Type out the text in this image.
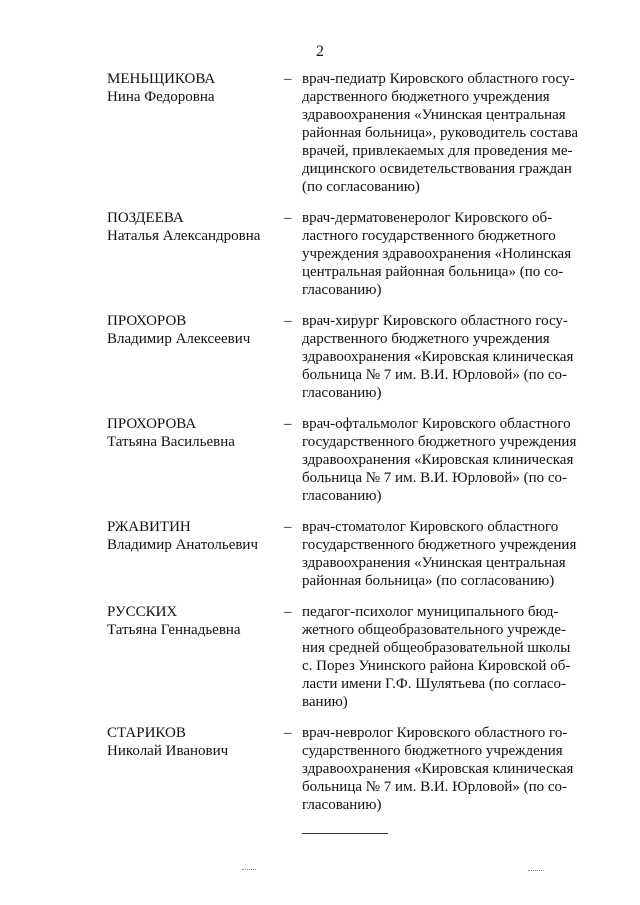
2
МЕНЬЩИКОВА
Нина Федоровна
– врач-педиатр Кировского областного госу-
дарственного бюджетного учреждения
здравоохранения «Унинская центральная
районная больница», руководитель состава
врачей, привлекаемых для проведения ме-
дицинского освидетельствования граждан
(по согласованию)
ПОЗДЕЕВА
Наталья Александровна
– врач-дерматовенеролог Кировского об-
ластного государственного бюджетного
учреждения здравоохранения «Нолинская
центральная районная больница» (по со-
гласованию)
ПРОХОРОВ
Владимир Алексеевич
– врач-хирург Кировского областного госу-
дарственного бюджетного учреждения
здравоохранения «Кировская клиническая
больница № 7 им. В.И. Юрловой» (по со-
гласованию)
ПРОХОРОВА
Татьяна Васильевна
– врач-офтальмолог Кировского областного
государственного бюджетного учреждения
здравоохранения «Кировская клиническая
больница № 7 им. В.И. Юрловой» (по со-
гласованию)
РЖАВИТИН
Владимир Анатольевич
– врач-стоматолог Кировского областного
государственного бюджетного учреждения
здравоохранения «Унинская центральная
районная больница» (по согласованию)
РУССКИХ
Татьяна Геннадьевна
– педагог-психолог муниципального бюд-
жетного общеобразовательного учрежде-
ния средней общеобразовательной школы
с. Порез Унинского района Кировской об-
ласти имени Г.Ф. Шулятьева (по согласо-
ванию)
СТАРИКОВ
Николай Иванович
– врач-невролог Кировского областного го-
сударственного бюджетного учреждения
здравоохранения «Кировская клиническая
больница № 7 им. В.И. Юрловой» (по со-
гласованию)
